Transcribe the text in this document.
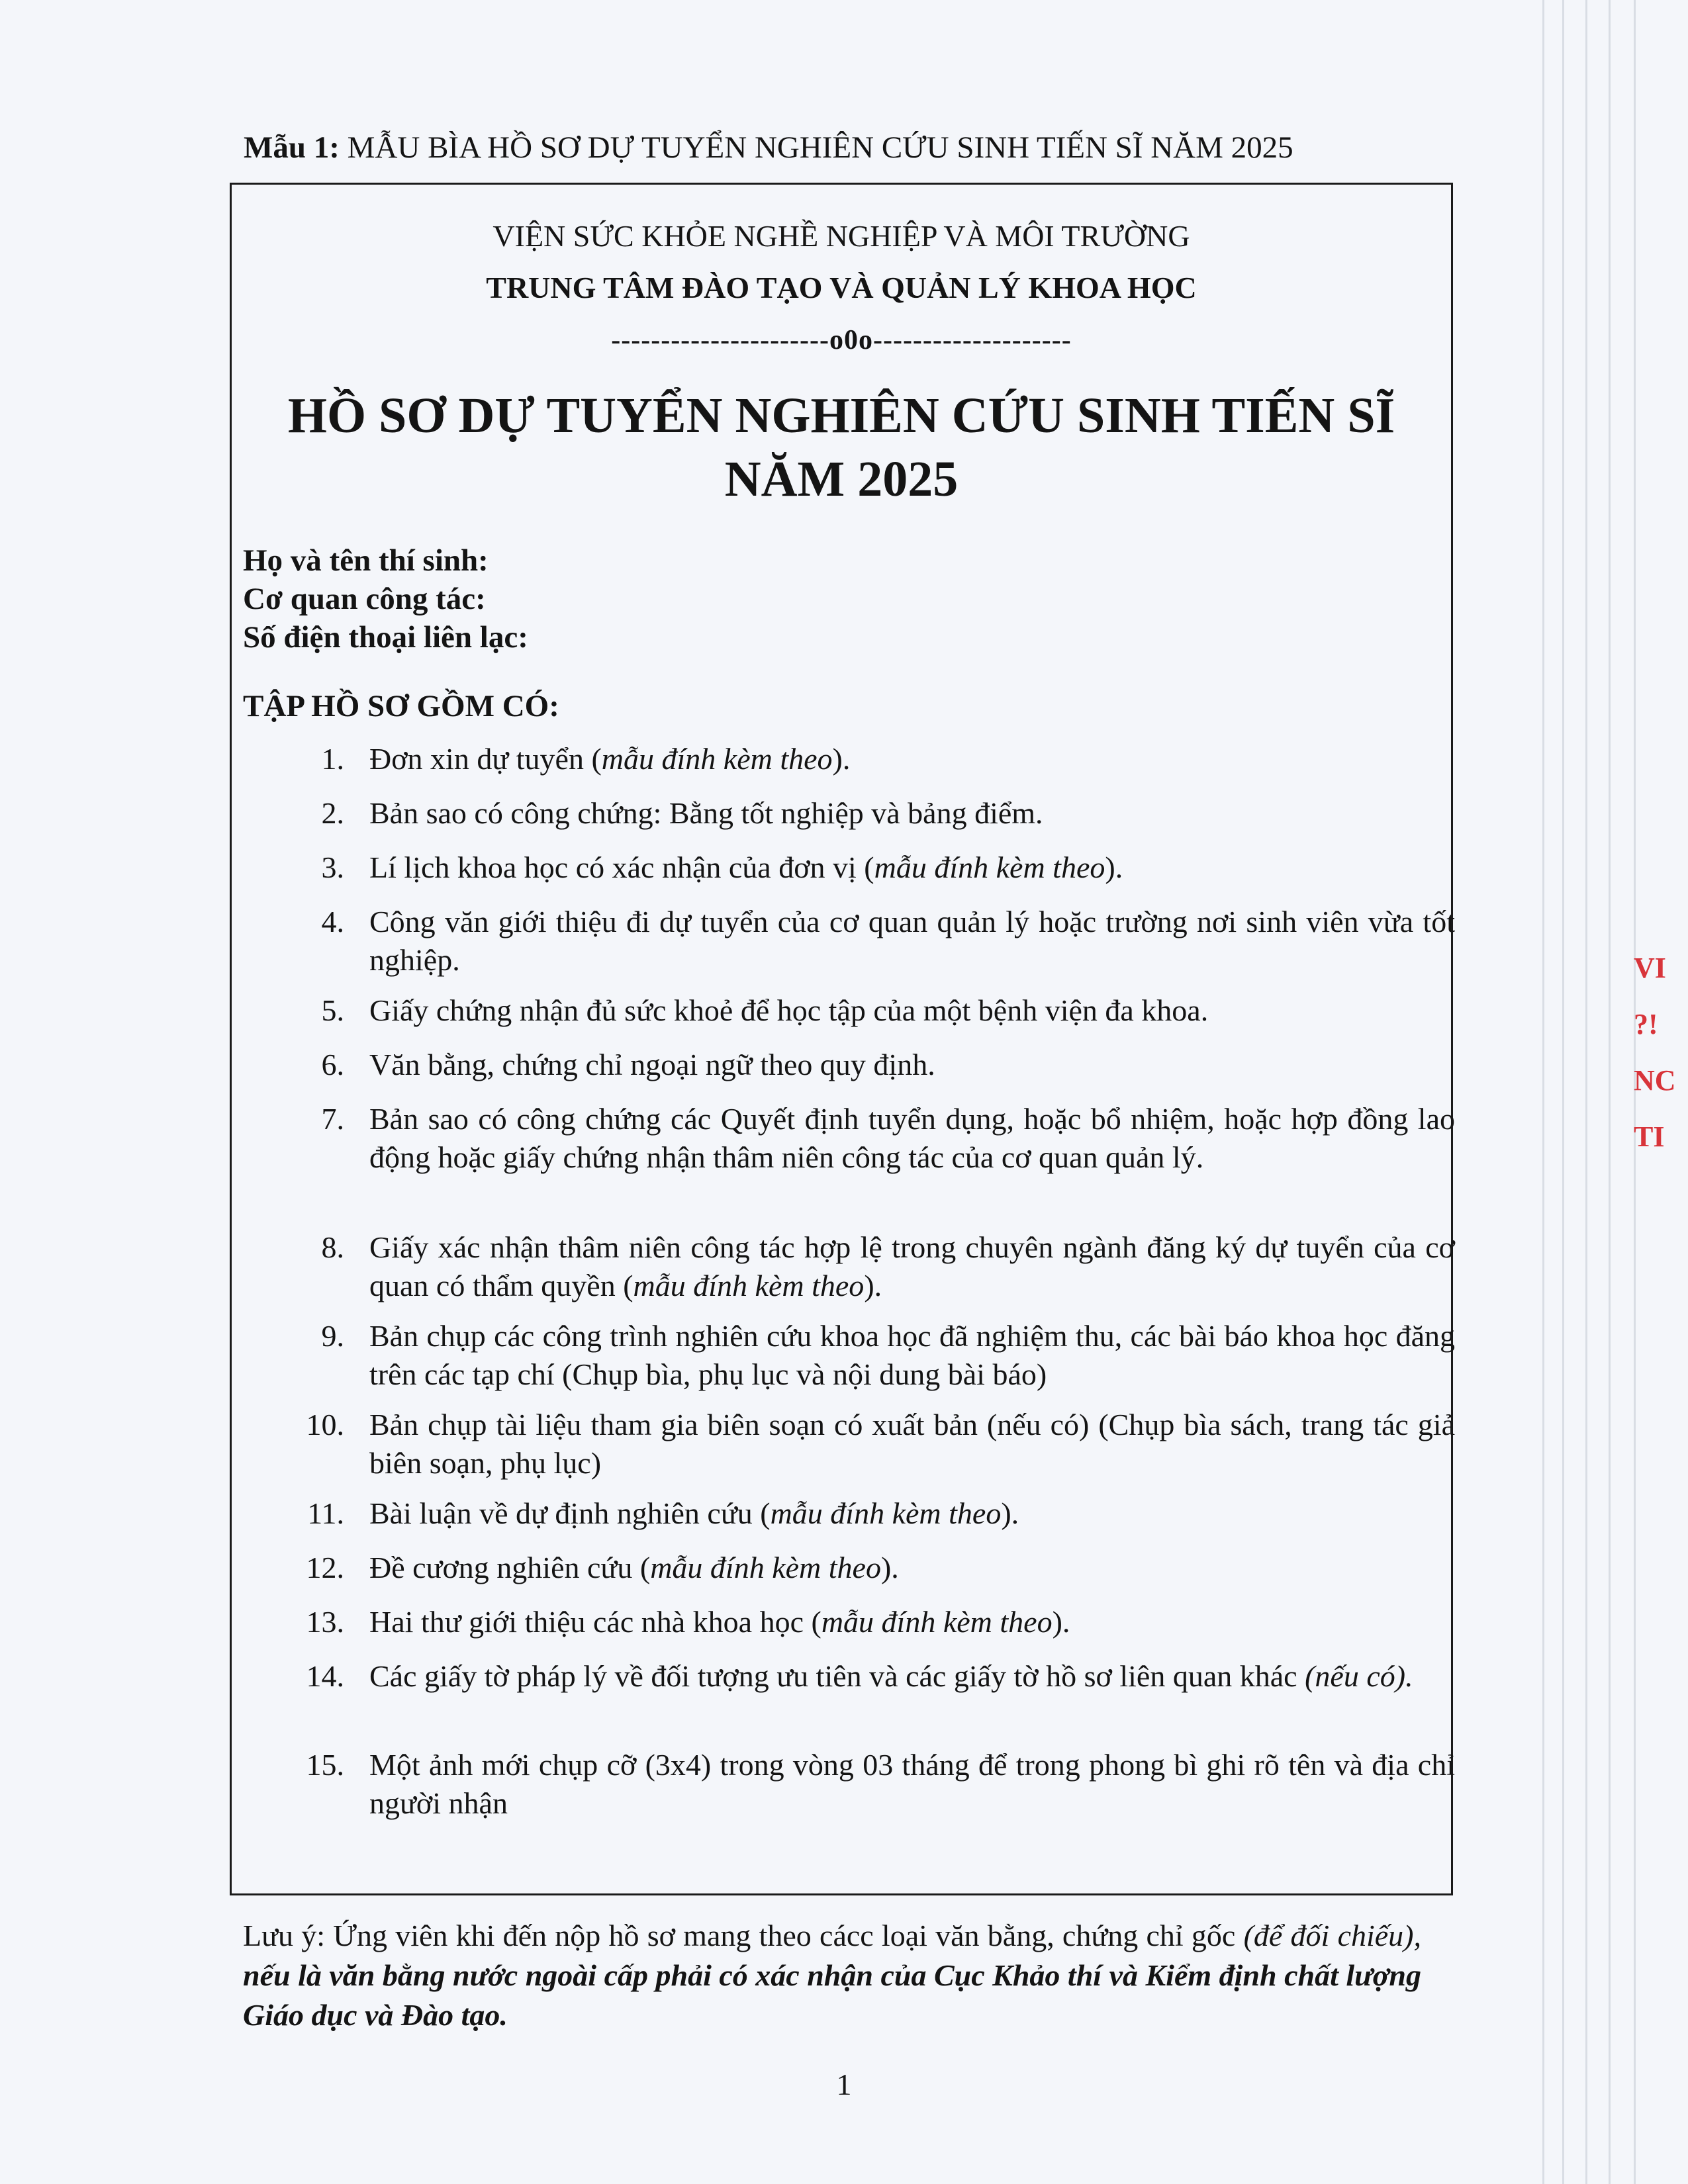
VI ?! NC TI
Mẫu 1: MẪU BÌA HỒ SƠ DỰ TUYỂN NGHIÊN CỨU SINH TIẾN SĨ NĂM 2025
VIỆN SỨC KHỎE NGHỀ NGHIỆP VÀ MÔI TRƯỜNG
TRUNG TÂM ĐÀO TẠO VÀ QUẢN LÝ KHOA HỌC
----------------------o0o--------------------
HỒ SƠ DỰ TUYỂN NGHIÊN CỨU SINH TIẾN SĨ
NĂM 2025
Họ và tên thí sinh:
Cơ quan công tác:
Số điện thoại liên lạc:
TẬP HỒ SƠ GỒM CÓ:
1. Đơn xin dự tuyển (mẫu đính kèm theo).
2. Bản sao có công chứng: Bằng tốt nghiệp và bảng điểm.
3. Lí lịch khoa học có xác nhận của đơn vị (mẫu đính kèm theo).
4. Công văn giới thiệu đi dự tuyển của cơ quan quản lý hoặc trường nơi sinh viên vừa tốt nghiệp.
5. Giấy chứng nhận đủ sức khoẻ để học tập của một bệnh viện đa khoa.
6. Văn bằng, chứng chỉ ngoại ngữ theo quy định.
7. Bản sao có công chứng các Quyết định tuyển dụng, hoặc bổ nhiệm, hoặc hợp đồng lao động hoặc giấy chứng nhận thâm niên công tác của cơ quan quản lý.
8. Giấy xác nhận thâm niên công tác hợp lệ trong chuyên ngành đăng ký dự tuyển của cơ quan có thẩm quyền (mẫu đính kèm theo).
9. Bản chụp các công trình nghiên cứu khoa học đã nghiệm thu, các bài báo khoa học đăng trên các tạp chí (Chụp bìa, phụ lục và nội dung bài báo)
10. Bản chụp tài liệu tham gia biên soạn có xuất bản (nếu có) (Chụp bìa sách, trang tác giả biên soạn, phụ lục)
11. Bài luận về dự định nghiên cứu (mẫu đính kèm theo).
12. Đề cương nghiên cứu (mẫu đính kèm theo).
13. Hai thư giới thiệu các nhà khoa học (mẫu đính kèm theo).
14. Các giấy tờ pháp lý về đối tượng ưu tiên và các giấy tờ hồ sơ liên quan khác (nếu có).
15. Một ảnh mới chụp cỡ (3x4) trong vòng 03 tháng để trong phong bì ghi rõ tên và địa chỉ người nhận
Lưu ý: Ứng viên khi đến nộp hồ sơ mang theo cácc loại văn bằng, chứng chỉ gốc (để đối chiếu), nếu là văn bằng nước ngoài cấp phải có xác nhận của Cục Khảo thí và Kiểm định chất lượng Giáo dục và Đào tạo.
1
